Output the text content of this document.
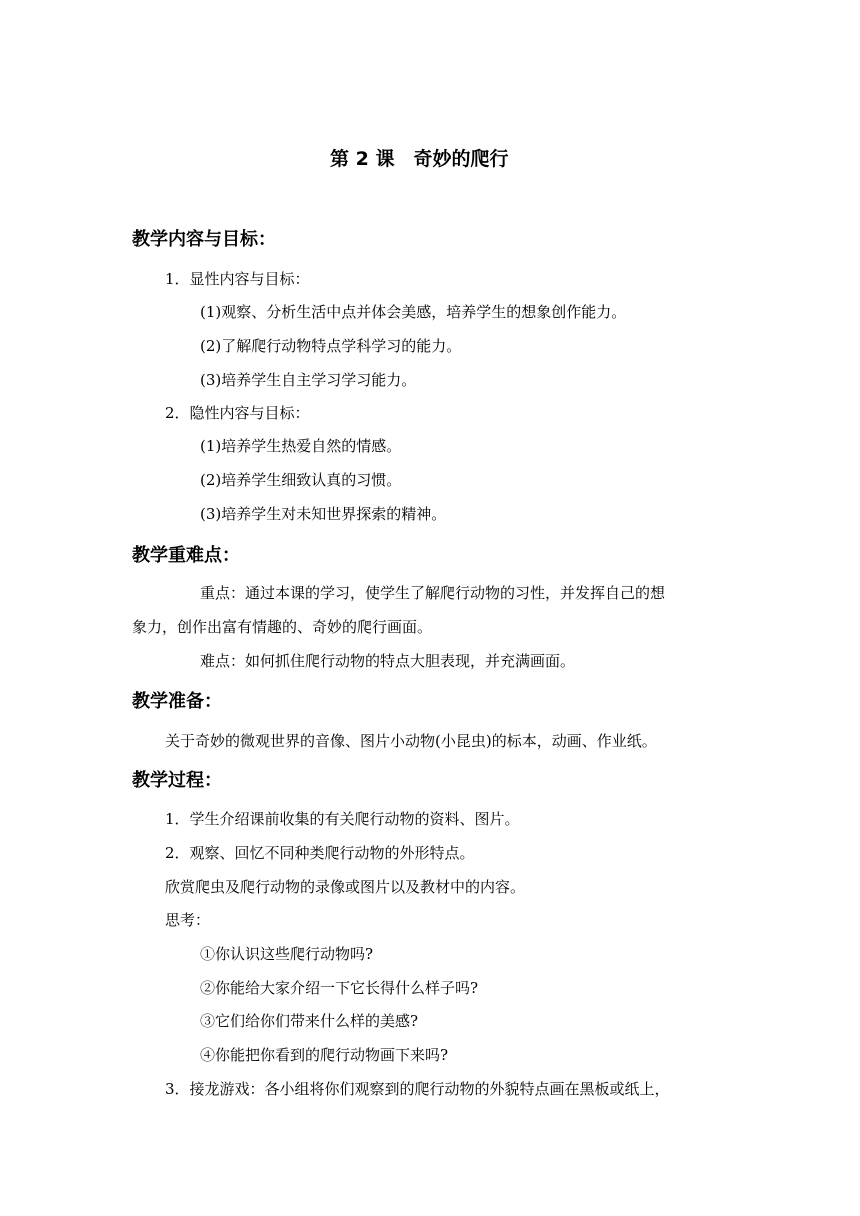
第 2 课　奇妙的爬行
教学内容与目标：
1．显性内容与目标：
(1)观察、分析生活中点并体会美感，培养学生的想象创作能力。
(2)了解爬行动物特点学科学习的能力。
(3)培养学生自主学习学习能力。
2．隐性内容与目标：
(1)培养学生热爱自然的情感。
(2)培养学生细致认真的习惯。
(3)培养学生对未知世界探索的精神。
教学重难点：
重点：通过本课的学习，使学生了解爬行动物的习性，并发挥自己的想
象力，创作出富有情趣的、奇妙的爬行画面。
难点：如何抓住爬行动物的特点大胆表现，并充满画面。
教学准备：
关于奇妙的微观世界的音像、图片小动物(小昆虫)的标本，动画、作业纸。
教学过程：
1．学生介绍课前收集的有关爬行动物的资料、图片。
2．观察、回忆不同种类爬行动物的外形特点。
欣赏爬虫及爬行动物的录像或图片以及教材中的内容。
思考：
①你认识这些爬行动物吗?
②你能给大家介绍一下它长得什么样子吗?
③它们给你们带来什么样的美感?
④你能把你看到的爬行动物画下来吗?
3．接龙游戏：各小组将你们观察到的爬行动物的外貌特点画在黑板或纸上，
